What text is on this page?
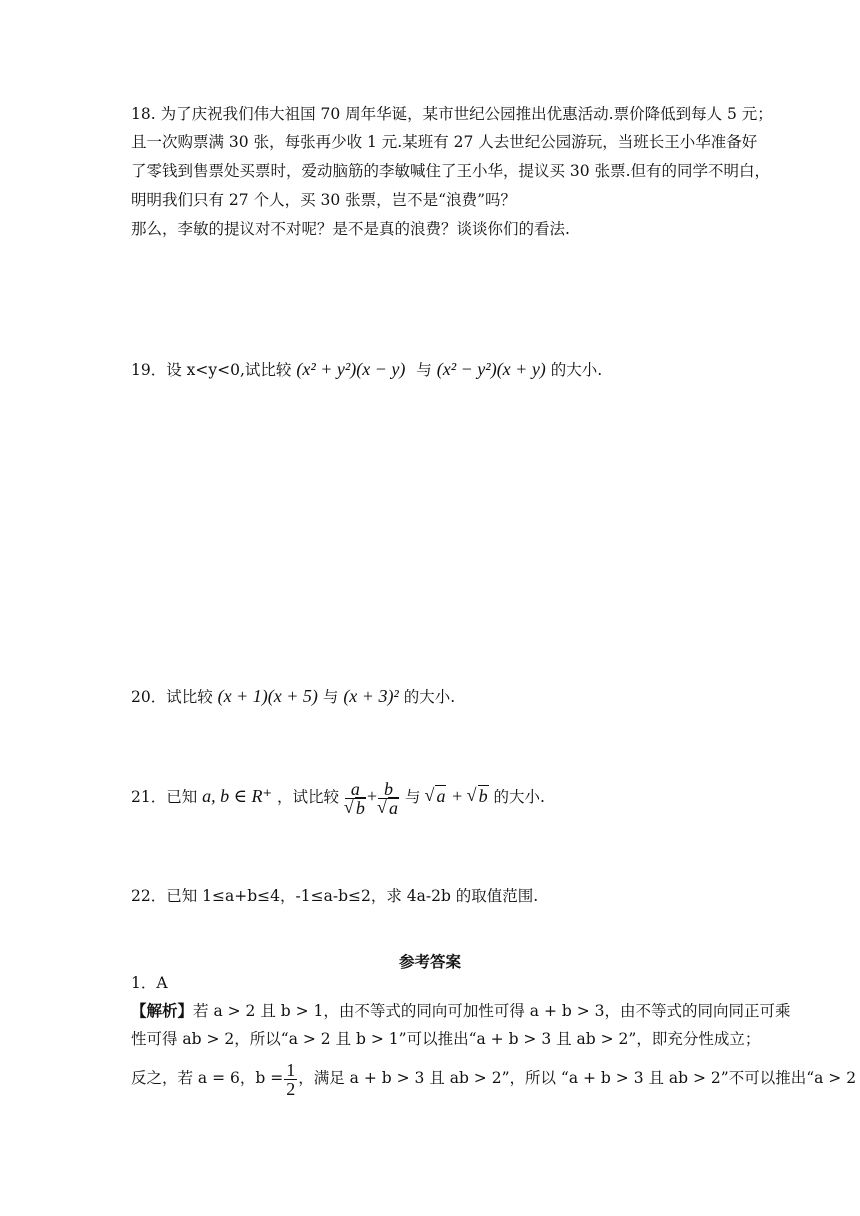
18. 为了庆祝我们伟大祖国 70 周年华诞，某市世纪公园推出优惠活动.票价降低到每人 5 元；
且一次购票满 30 张，每张再少收 1 元.某班有 27 人去世纪公园游玩，当班长王小华准备好
了零钱到售票处买票时，爱动脑筋的李敏喊住了王小华，提议买 30 张票.但有的同学不明白，
明明我们只有 27 个人，买 30 张票，岂不是“浪费”吗？
那么，李敏的提议对不对呢？是不是真的浪费？谈谈你们的看法.
19．设 x<y<0,试比较 (x² + y²)(x − y) 与 (x² − y²)(x + y) 的大小.
20．试比较 (x + 1)(x + 5) 与 (x + 3)² 的大小.
21．已知 a, b ∈ R⁺ ，试比较 a
√ b + b
√ a 与 √ a + √ b 的大小.
22．已知 1≤a+b≤4，-1≤a-b≤2，求 4a-2b 的取值范围.
参考答案
1．A
【解析】若 a > 2 且 b > 1，由不等式的同向可加性可得 a + b > 3，由不等式的同向同正可乘
性可得 ab > 2，所以“a > 2 且 b > 1”可以推出“a + b > 3 且 ab > 2”，即充分性成立；
反之，若 a = 6，$b = \frac{1}{2}$ ，满足 a + b > 3 且 ab > 2”，所以 “a + b > 3 且 ab > 2”不可以推出“a > 2
